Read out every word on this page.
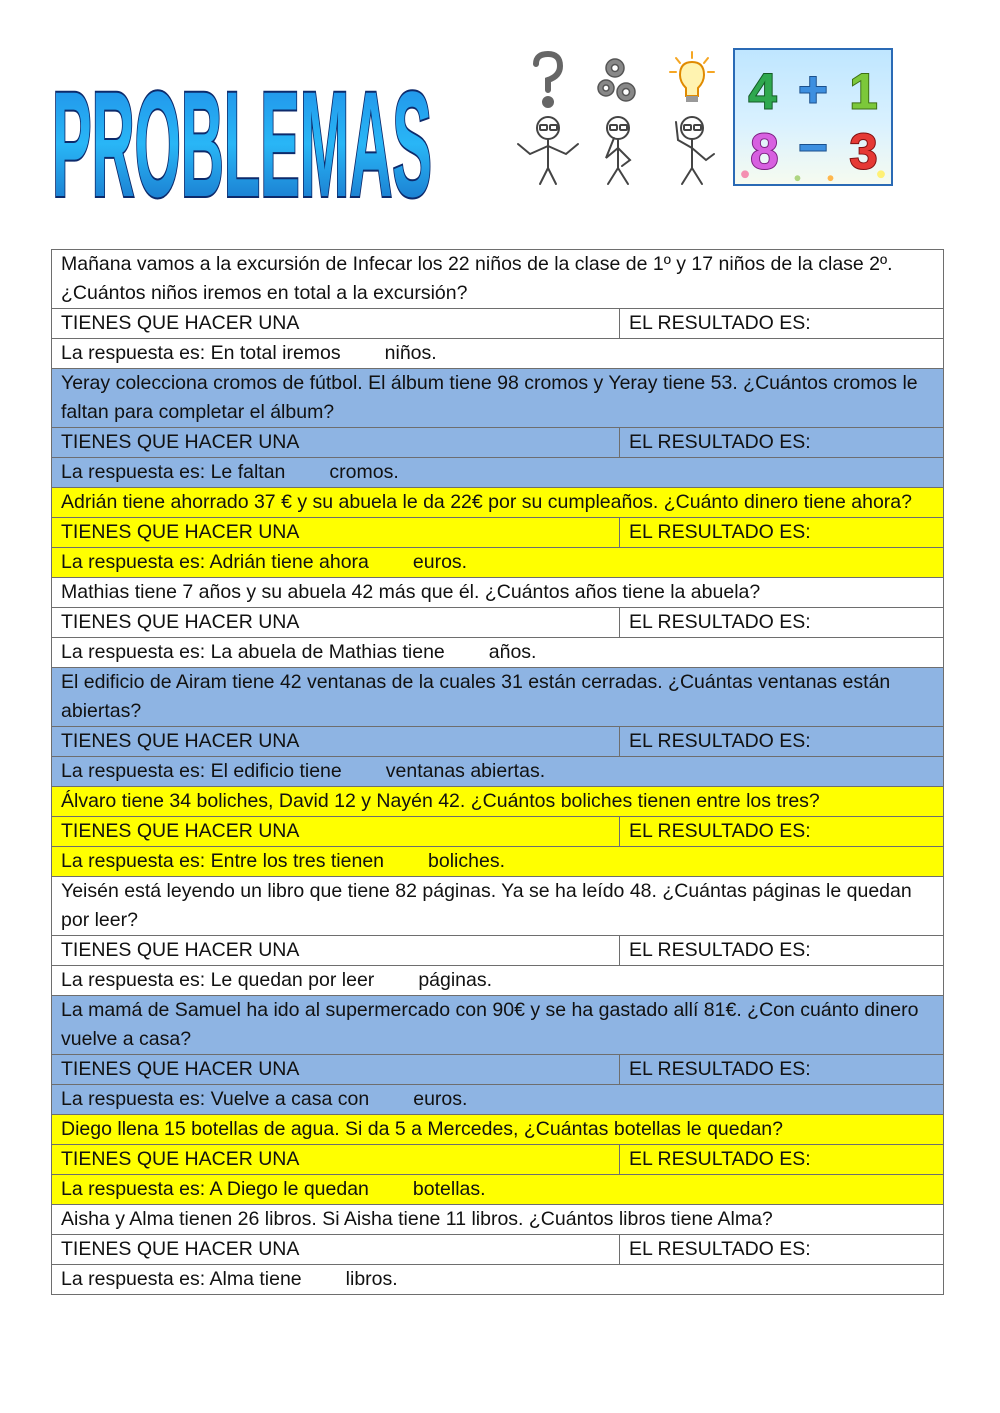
PROBLEMAS	4 + 1
8 − 3
Mañana vamos a la excursión de Infecar los 22 niños de la clase de 1º y 17 niños de la clase 2º. ¿Cuántos niños iremos en total a la excursión?	
TIENES QUE HACER UNA	EL RESULTADO ES:
La respuesta es: En total iremos niños.	
Yeray colecciona cromos de fútbol. El álbum tiene 98 cromos y Yeray tiene 53. ¿Cuántos cromos le faltan para completar el álbum?	
TIENES QUE HACER UNA	EL RESULTADO ES:
La respuesta es: Le faltan cromos.	
Adrián tiene ahorrado 37 € y su abuela le da 22€ por su cumpleaños. ¿Cuánto dinero tiene ahora?	
TIENES QUE HACER UNA	EL RESULTADO ES:
La respuesta es: Adrián tiene ahora euros.	
Mathias tiene 7 años y su abuela 42 más que él. ¿Cuántos años tiene la abuela?	
TIENES QUE HACER UNA	EL RESULTADO ES:
La respuesta es: La abuela de Mathias tiene años.	
El edificio de Airam tiene 42 ventanas de la cuales 31 están cerradas. ¿Cuántas ventanas están abiertas?	
TIENES QUE HACER UNA	EL RESULTADO ES:
La respuesta es: El edificio tiene ventanas abiertas.	
Álvaro tiene 34 boliches, David 12 y Nayén 42. ¿Cuántos boliches tienen entre los tres?	
TIENES QUE HACER UNA	EL RESULTADO ES:
La respuesta es: Entre los tres tienen boliches.	
Yeisén está leyendo un libro que tiene 82 páginas. Ya se ha leído 48. ¿Cuántas páginas le quedan por leer?	
TIENES QUE HACER UNA	EL RESULTADO ES:
La respuesta es: Le quedan por leer páginas.	
La mamá de Samuel ha ido al supermercado con 90€ y se ha gastado allí 81€. ¿Con cuánto dinero vuelve a casa?	
TIENES QUE HACER UNA	EL RESULTADO ES:
La respuesta es: Vuelve a casa con euros.	
Diego llena 15 botellas de agua. Si da 5 a Mercedes, ¿Cuántas botellas le quedan?	
TIENES QUE HACER UNA	EL RESULTADO ES:
La respuesta es: A Diego le quedan botellas.	
Aisha y Alma tienen 26 libros. Si Aisha tiene 11 libros. ¿Cuántos libros tiene Alma?	
TIENES QUE HACER UNA	EL RESULTADO ES:
La respuesta es: Alma tiene libros.	
